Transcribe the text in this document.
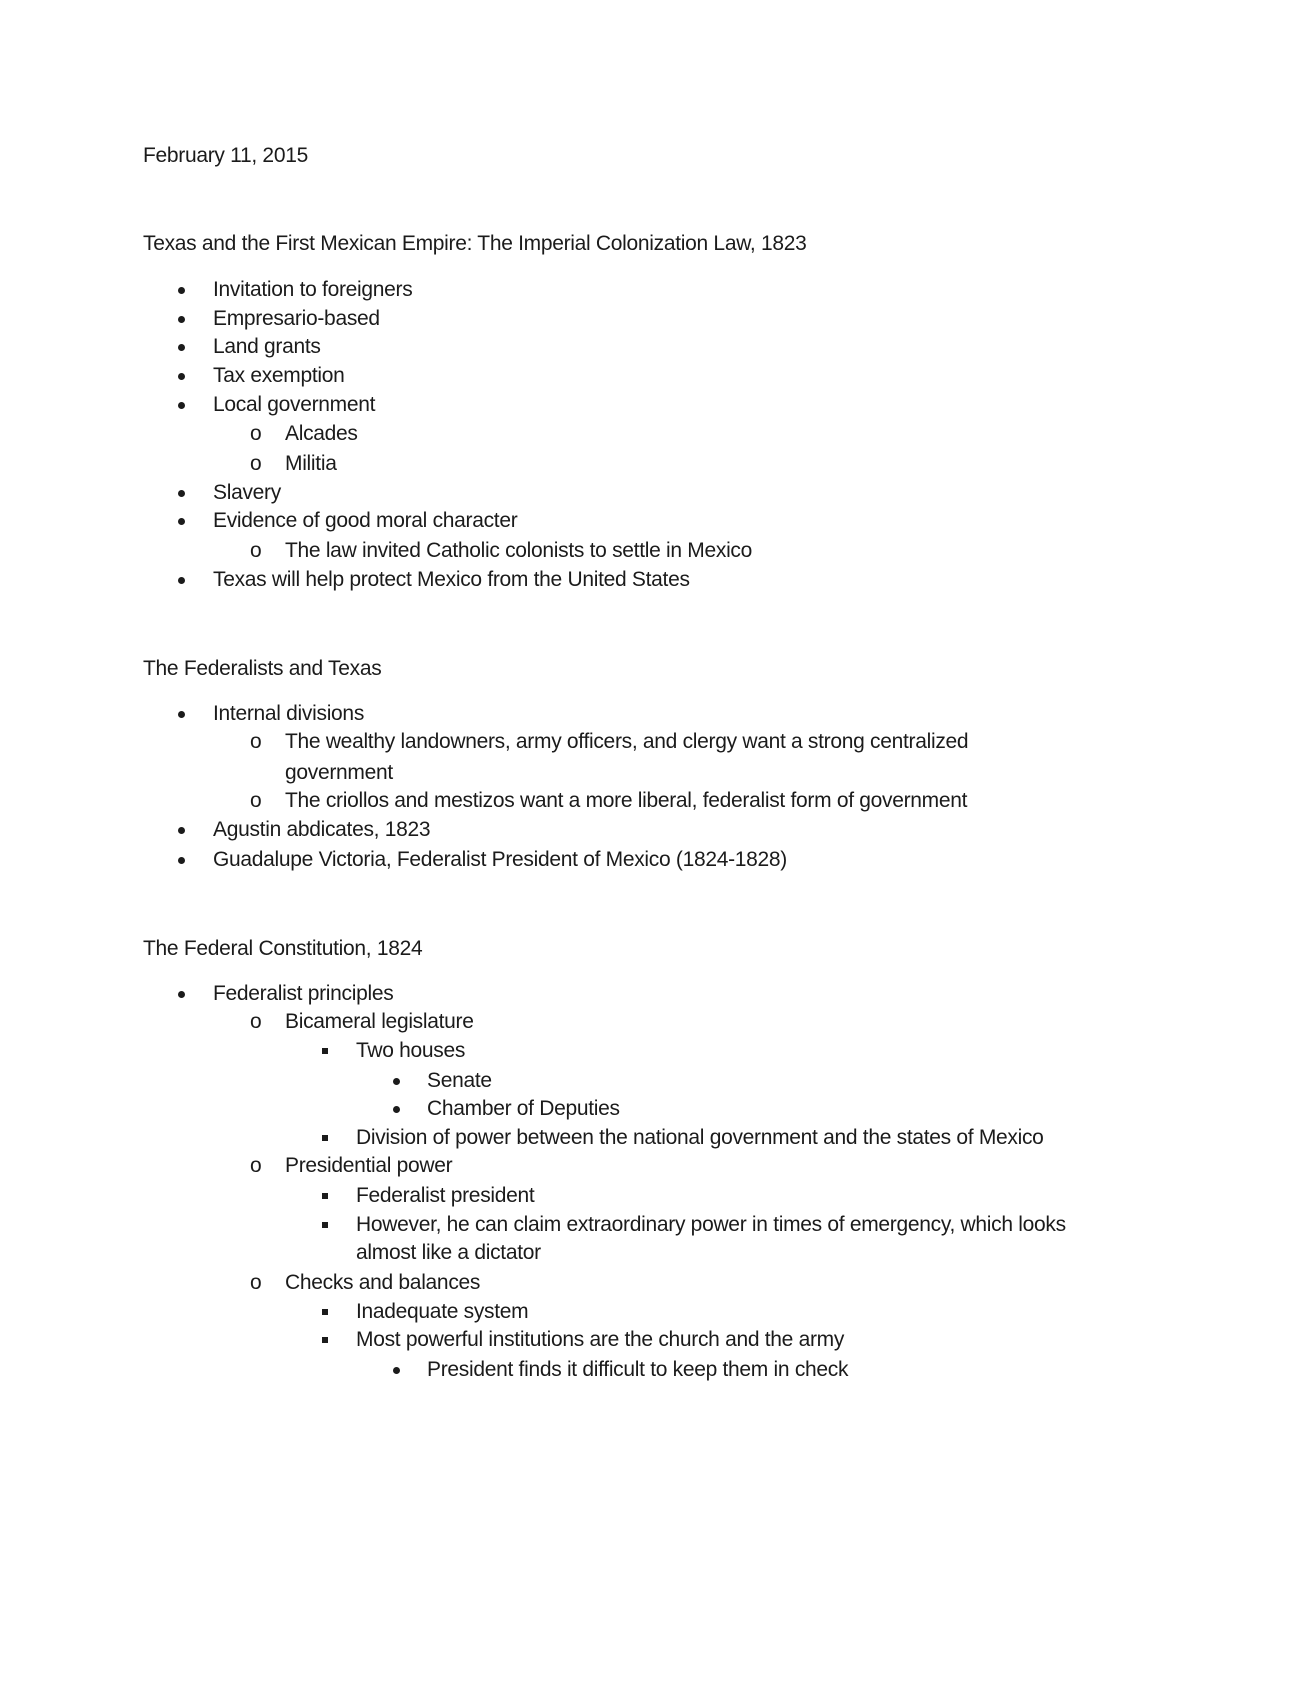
February 11, 2015
Texas and the First Mexican Empire: The Imperial Colonization Law, 1823
Invitation to foreigners
Empresario-based
Land grants
Tax exemption
Local government
o Alcades
o Militia
Slavery
Evidence of good moral character
o The law invited Catholic colonists to settle in Mexico
Texas will help protect Mexico from the United States
The Federalists and Texas
Internal divisions
o The wealthy landowners, army officers, and clergy want a strong centralized
government
o The criollos and mestizos want a more liberal, federalist form of government
Agustin abdicates, 1823
Guadalupe Victoria, Federalist President of Mexico (1824-1828)
The Federal Constitution, 1824
Federalist principles
o Bicameral legislature
Two houses
Senate
Chamber of Deputies
Division of power between the national government and the states of Mexico
o Presidential power
Federalist president
However, he can claim extraordinary power in times of emergency, which looks
almost like a dictator
o Checks and balances
Inadequate system
Most powerful institutions are the church and the army
President finds it difficult to keep them in check
